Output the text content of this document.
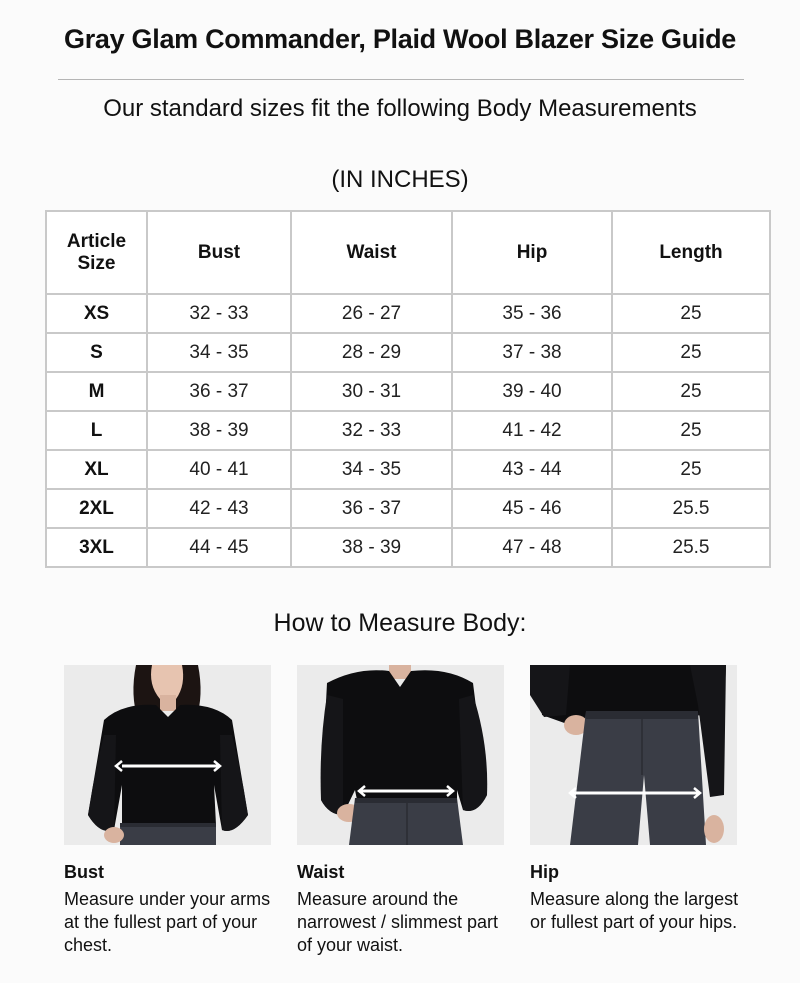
Gray Glam Commander, Plaid Wool Blazer Size Guide
Our standard sizes fit the following Body Measurements
(IN INCHES)
Article Size	Bust	Waist	Hip	Length
XS	32 - 33	26 - 27	35 - 36	25
S	34 - 35	28 - 29	37 - 38	25
M	36 - 37	30 - 31	39 - 40	25
L	38 - 39	32 - 33	41 - 42	25
XL	40 - 41	34 - 35	43 - 44	25
2XL	42 - 43	36 - 37	45 - 46	25.5
3XL	44 - 45	38 - 39	47 - 48	25.5
How to Measure Body:
Bust
Measure under your arms at the fullest part of your chest.
Waist
Measure around the narrowest / slimmest part of your waist.
Hip
Measure along the largest or fullest part of your hips.
